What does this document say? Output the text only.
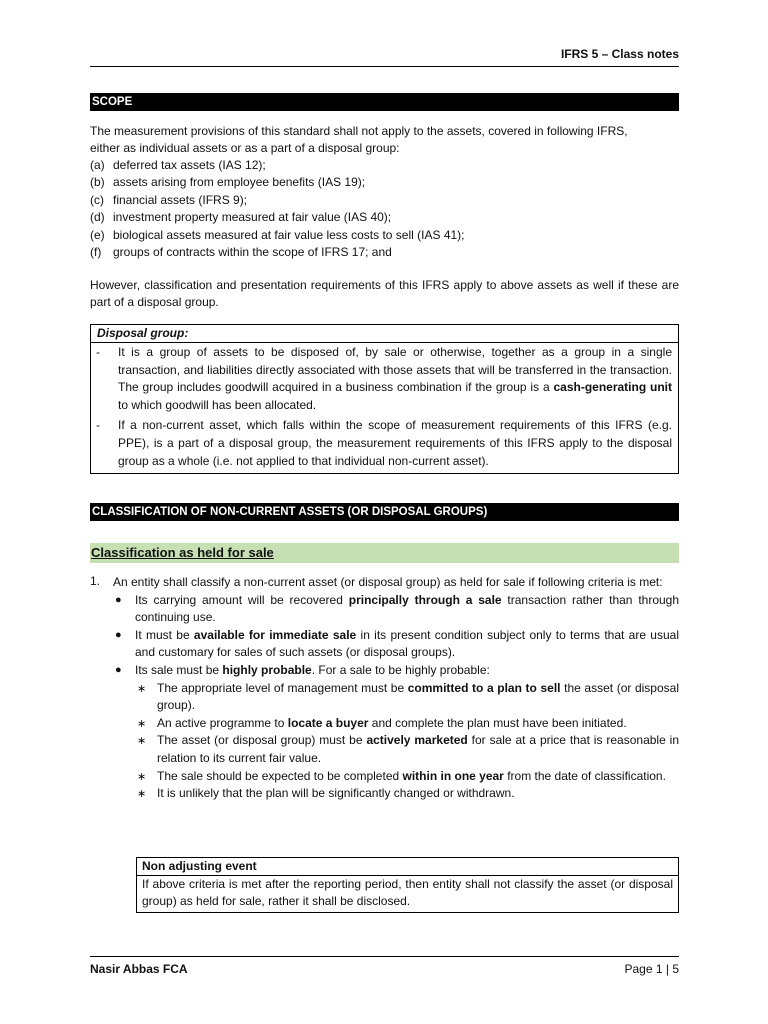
IFRS 5 – Class notes
SCOPE

The measurement provisions of this standard shall not apply to the assets, covered in following IFRS,

either as individual assets or as a part of a disposal group:

(a) deferred tax assets (IAS 12);
(b) assets arising from employee benefits (IAS 19);
(c) financial assets (IFRS 9);
(d) investment property measured at fair value (IAS 40);
(e) biological assets measured at fair value less costs to sell (IAS 41);
(f) groups of contracts within the scope of IFRS 17; and

However, classification and presentation requirements of this IFRS apply to above assets as well if these are part of a disposal group.

Disposal group:
- It is a group of assets to be disposed of, by sale or otherwise, together as a group in a single transaction, and liabilities directly associated with those assets that will be transferred in the transaction. The group includes goodwill acquired in a business combination if the group is a cash-generating unit to which goodwill has been allocated.
- If a non-current asset, which falls within the scope of measurement requirements of this IFRS (e.g. PPE), is a part of a disposal group, the measurement requirements of this IFRS apply to the disposal group as a whole (i.e. not applied to that individual non-current asset).
CLASSIFICATION OF NON-CURRENT ASSETS (OR DISPOSAL GROUPS)
Classification as held for sale
1. An entity shall classify a non-current asset (or disposal group) as held for sale if following criteria is met:

● Its carrying amount will be recovered principally through a sale transaction rather than through continuing use.
● It must be available for immediate sale in its present condition subject only to terms that are usual and customary for sales of such assets (or disposal groups).
● Its sale must be highly probable. For a sale to be highly probable:
∗ The appropriate level of management must be committed to a plan to sell the asset (or disposal group).
∗ An active programme to locate a buyer and complete the plan must have been initiated.
∗ The asset (or disposal group) must be actively marketed for sale at a price that is reasonable in relation to its current fair value.
∗ The sale should be expected to be completed within in one year from the date of classification.
∗ It is unlikely that the plan will be significantly changed or withdrawn.
Non adjusting event
If above criteria is met after the reporting period, then entity shall not classify the asset (or disposal group) as held for sale, rather it shall be disclosed.
Nasir Abbas FCA	Page 1 | 5
